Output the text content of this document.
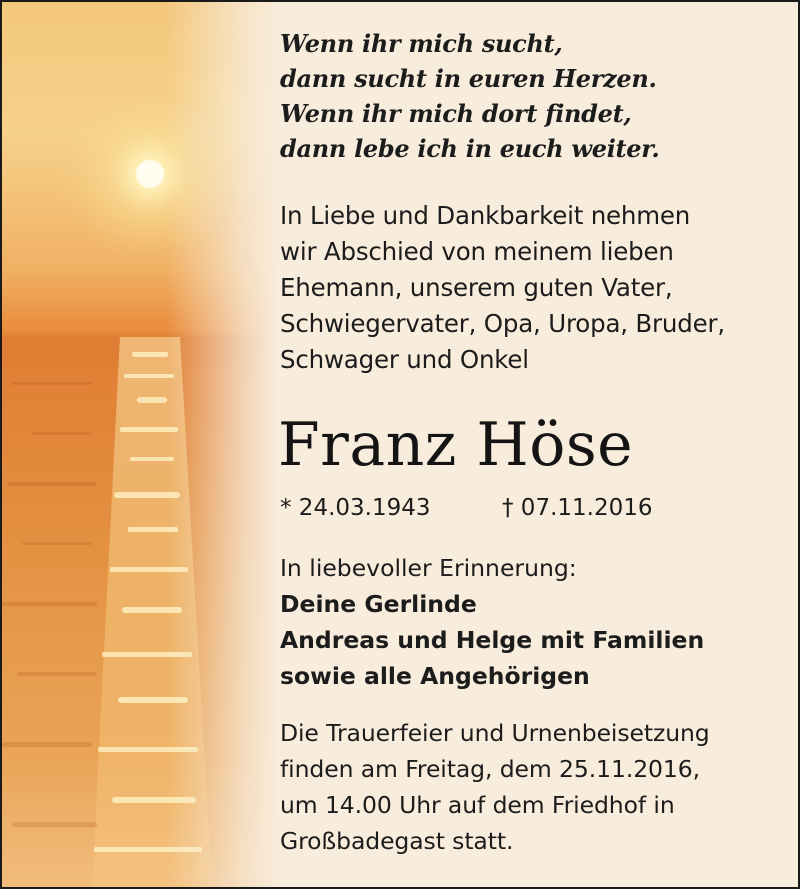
Wenn ihr mich sucht,
dann sucht in euren Herzen.
Wenn ihr mich dort findet,
dann lebe ich in euch weiter.
In Liebe und Dankbarkeit nehmen
wir Abschied von meinem lieben
Ehemann, unserem guten Vater,
Schwiegervater, Opa, Uropa, Bruder,
Schwager und Onkel
Franz Höse
* 24.03.1943	† 07.11.2016
In liebevoller Erinnerung:
Deine Gerlinde
Andreas und Helge mit Familien
sowie alle Angehörigen
Die Trauerfeier und Urnenbeisetzung
finden am Freitag, dem 25.11.2016,
um 14.00 Uhr auf dem Friedhof in
Großbadegast statt.
